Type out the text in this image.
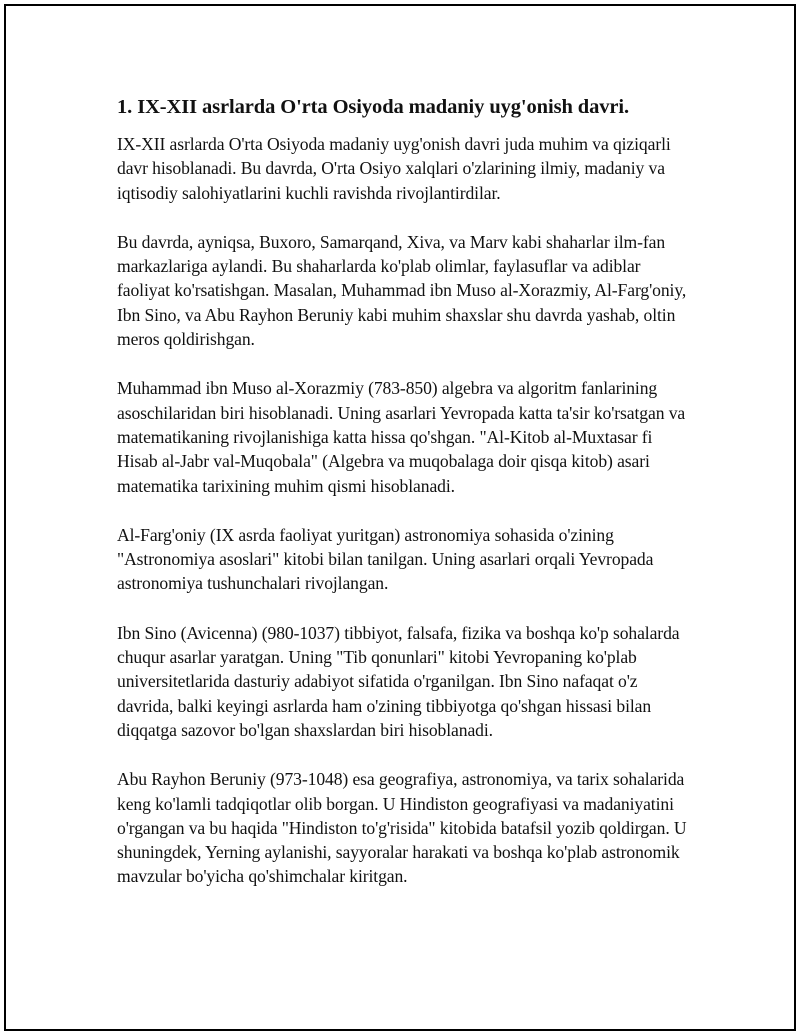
1. IX-XII asrlarda O'rta Osiyoda madaniy uyg'onish davri.

IX-XII asrlarda O'rta Osiyoda madaniy uyg'onish davri juda muhim va qiziqarli davr hisoblanadi. Bu davrda, O'rta Osiyo xalqlari o'zlarining ilmiy, madaniy va iqtisodiy salohiyatlarini kuchli ravishda rivojlantirdilar.

Bu davrda, ayniqsa, Buxoro, Samarqand, Xiva, va Marv kabi shaharlar ilm-fan markazlariga aylandi. Bu shaharlarda ko'plab olimlar, faylasuflar va adiblar faoliyat ko'rsatishgan. Masalan, Muhammad ibn Muso al-Xorazmiy, Al-Farg'oniy, Ibn Sino, va Abu Rayhon Beruniy kabi muhim shaxslar shu davrda yashab, oltin meros qoldirishgan.

Muhammad ibn Muso al-Xorazmiy (783-850) algebra va algoritm fanlarining asoschilaridan biri hisoblanadi. Uning asarlari Yevropada katta ta'sir ko'rsatgan va matematikaning rivojlanishiga katta hissa qo'shgan. "Al-Kitob al-Muxtasar fi Hisab al-Jabr val-Muqobala" (Algebra va muqobalaga doir qisqa kitob) asari matematika tarixining muhim qismi hisoblanadi.

Al-Farg'oniy (IX asrda faoliyat yuritgan) astronomiya sohasida o'zining "Astronomiya asoslari" kitobi bilan tanilgan. Uning asarlari orqali Yevropada astronomiya tushunchalari rivojlangan.

Ibn Sino (Avicenna) (980-1037) tibbiyot, falsafa, fizika va boshqa ko'p sohalarda chuqur asarlar yaratgan. Uning "Tib qonunlari" kitobi Yevropaning ko'plab universitetlarida dasturiy adabiyot sifatida o'rganilgan. Ibn Sino nafaqat o'z davrida, balki keyingi asrlarda ham o'zining tibbiyotga qo'shgan hissasi bilan diqqatga sazovor bo'lgan shaxslardan biri hisoblanadi.

Abu Rayhon Beruniy (973-1048) esa geografiya, astronomiya, va tarix sohalarida keng ko'lamli tadqiqotlar olib borgan. U Hindiston geografiyasi va madaniyatini o'rgangan va bu haqida "Hindiston to'g'risida" kitobida batafsil yozib qoldirgan. U shuningdek, Yerning aylanishi, sayyoralar harakati va boshqa ko'plab astronomik mavzular bo'yicha qo'shimchalar kiritgan.
